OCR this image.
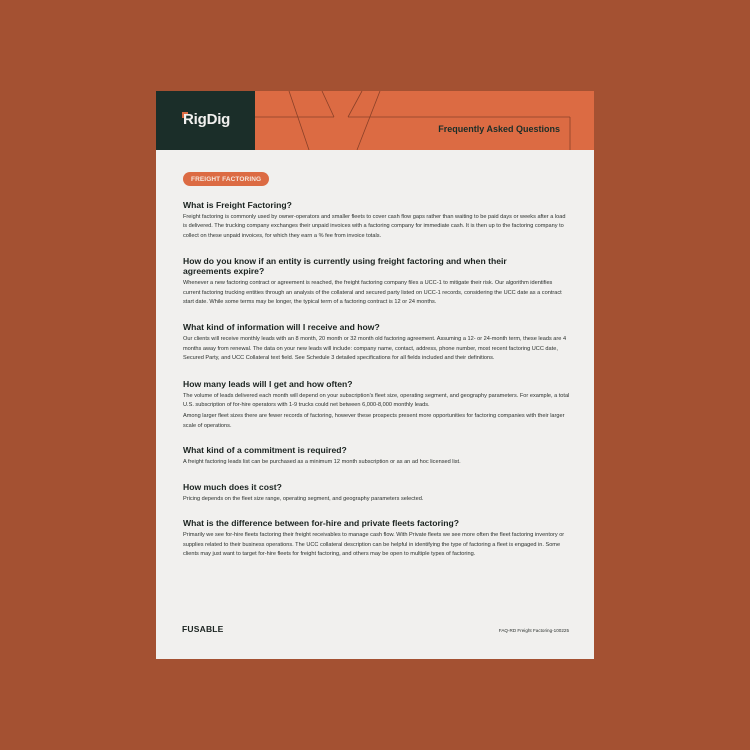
RigDig
Frequently Asked Questions
FREIGHT FACTORING
What is Freight Factoring?

Freight factoring is commonly used by owner-operators and smaller fleets to cover cash flow gaps rather than waiting to be paid days or weeks after a load is delivered. The trucking company exchanges their unpaid invoices with a factoring company for immediate cash. It is then up to the factoring company to collect on these unpaid invoices, for which they earn a % fee from invoice totals.

How do you know if an entity is currently using freight factoring and when their agreements expire?

Whenever a new factoring contract or agreement is reached, the freight factoring company files a UCC-1 to mitigate their risk. Our algorithm identifies current factoring trucking entities through an analysis of the collateral and secured party listed on UCC-1 records, considering the UCC date as a contract start date. While some terms may be longer, the typical term of a factoring contract is 12 or 24 months.

What kind of information will I receive and how?

Our clients will receive monthly leads with an 8 month, 20 month or 32 month old factoring agreement. Assuming a 12- or 24-month term, these leads are 4 months away from renewal. The data on your new leads will include: company name, contact, address, phone number, most recent factoring UCC date, Secured Party, and UCC Collateral text field. See Schedule 3 detailed specifications for all fields included and their definitions.

How many leads will I get and how often?

The volume of leads delivered each month will depend on your subscription's fleet size, operating segment, and geography parameters. For example, a total U.S. subscription of for-hire operators with 1-9 trucks could net between 6,000-8,000 monthly leads.

Among larger fleet sizes there are fewer records of factoring, however these prospects present more opportunities for factoring companies with their larger scale of operations.

What kind of a commitment is required?

A freight factoring leads list can be purchased as a minimum 12 month subscription or as an ad hoc licensed list.

How much does it cost?

Pricing depends on the fleet size range, operating segment, and geography parameters selected.

What is the difference between for-hire and private fleets factoring?

Primarily we see for-hire fleets factoring their freight receivables to manage cash flow. With Private fleets we see more often the fleet factoring inventory or supplies related to their business operations. The UCC collateral description can be helpful in identifying the type of factoring a fleet is engaged in. Some clients may just want to target for-hire fleets for freight factoring, and others may be open to multiple types of factoring.

FUSABLE	FAQ-RD Freight Factoring-100225
